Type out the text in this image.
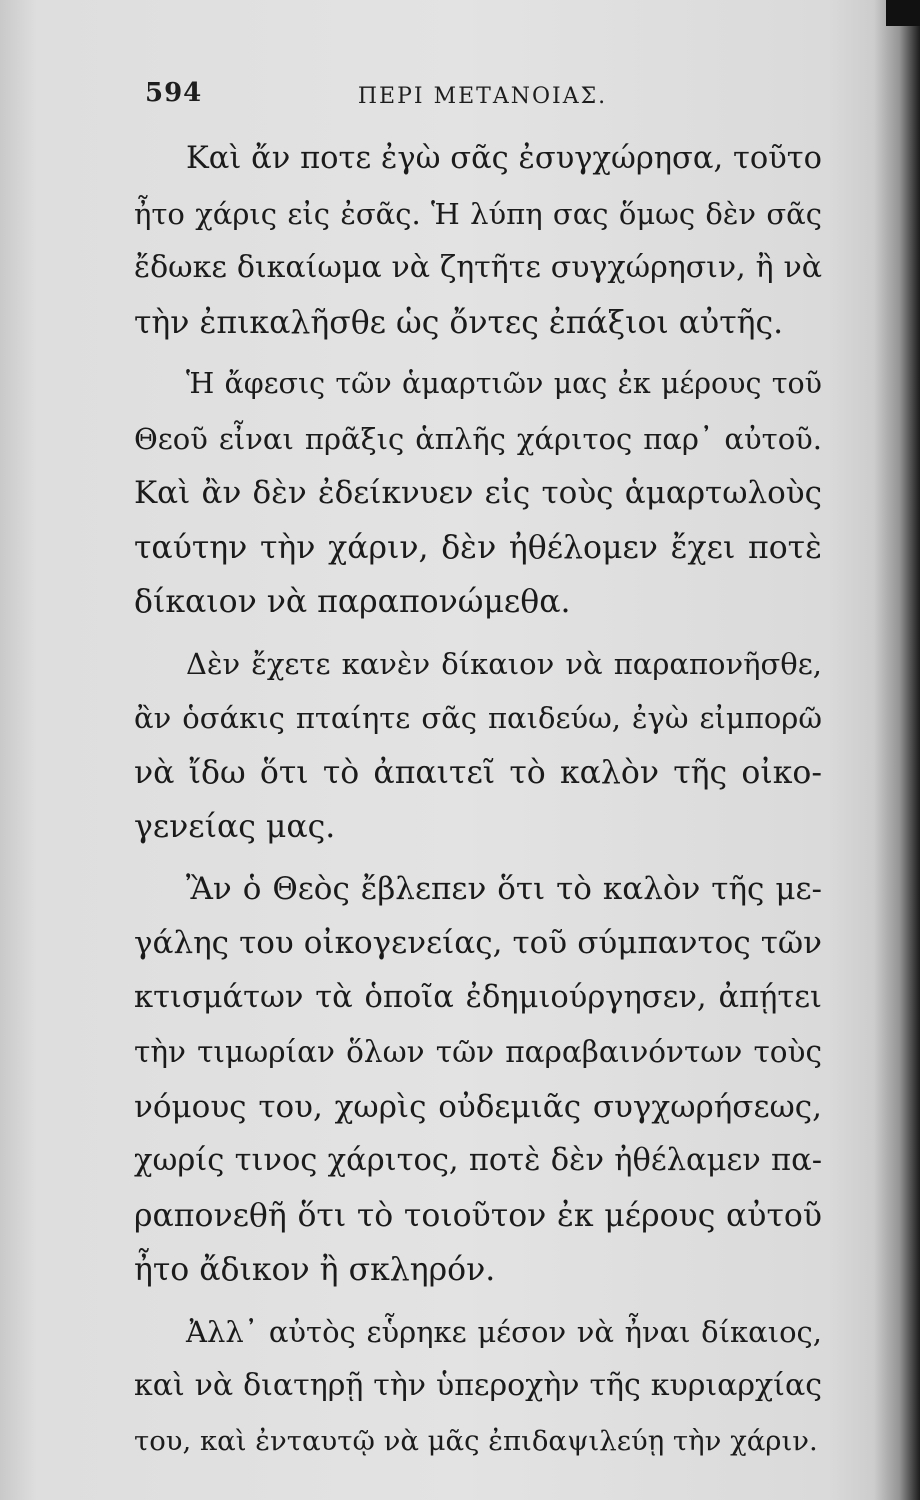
594	ΠΕΡΙ ΜΕΤΑΝΟΙΑΣ.

Καὶ ἄν ποτε ἐγὼ σᾶς ἐσυγχώρησα, τοῦτο
ἦτο χάρις εἰς ἐσᾶς. Ἡ λύπη σας ὅμως δὲν σᾶς
ἔδωκε δικαίωμα νὰ ζητῆτε συγχώρησιν, ἢ νὰ
τὴν ἐπικαλῆσθε ὡς ὄντες ἐπάξιοι αὐτῆς.

Ἡ ἄφεσις τῶν ἁμαρτιῶν μας ἐκ μέρους τοῦ
Θεοῦ εἶναι πρᾶξις ἁπλῆς χάριτος παρ᾽ αὐτοῦ.
Καὶ ἂν δὲν ἐδείκνυεν εἰς τοὺς ἁμαρτωλοὺς
ταύτην τὴν χάριν, δὲν ἠθέλομεν ἔχει ποτὲ
δίκαιον νὰ παραπονώμεθα.

Δὲν ἔχετε κανὲν δίκαιον νὰ παραπονῆσθε,
ἂν ὁσάκις πταίητε σᾶς παιδεύω, ἐγὼ εἰμπορῶ
νὰ ἴδω ὅτι τὸ ἀπαιτεῖ τὸ καλὸν τῆς οἰκο-
γενείας μας.

Ἂν ὁ Θεὸς ἔβλεπεν ὅτι τὸ καλὸν τῆς με-
γάλης του οἰκογενείας, τοῦ σύμπαντος τῶν
κτισμάτων τὰ ὁποῖα ἐδημιούργησεν, ἀπῄτει
τὴν τιμωρίαν ὅλων τῶν παραβαινόντων τοὺς
νόμους του, χωρὶς οὐδεμιᾶς συγχωρήσεως,
χωρίς τινος χάριτος, ποτὲ δὲν ἠθέλαμεν πα-
ραπονεθῆ ὅτι τὸ τοιοῦτον ἐκ μέρους αὐτοῦ
ἦτο ἄδικον ἢ σκληρόν.

Ἀλλ᾽ αὐτὸς εὗρηκε μέσον νὰ ἦναι δίκαιος,
καὶ νὰ διατηρῇ τὴν ὑπεροχὴν τῆς κυριαρχίας
του, καὶ ἐνταυτῷ νὰ μᾶς ἐπιδαψιλεύῃ τὴν χάριν.
